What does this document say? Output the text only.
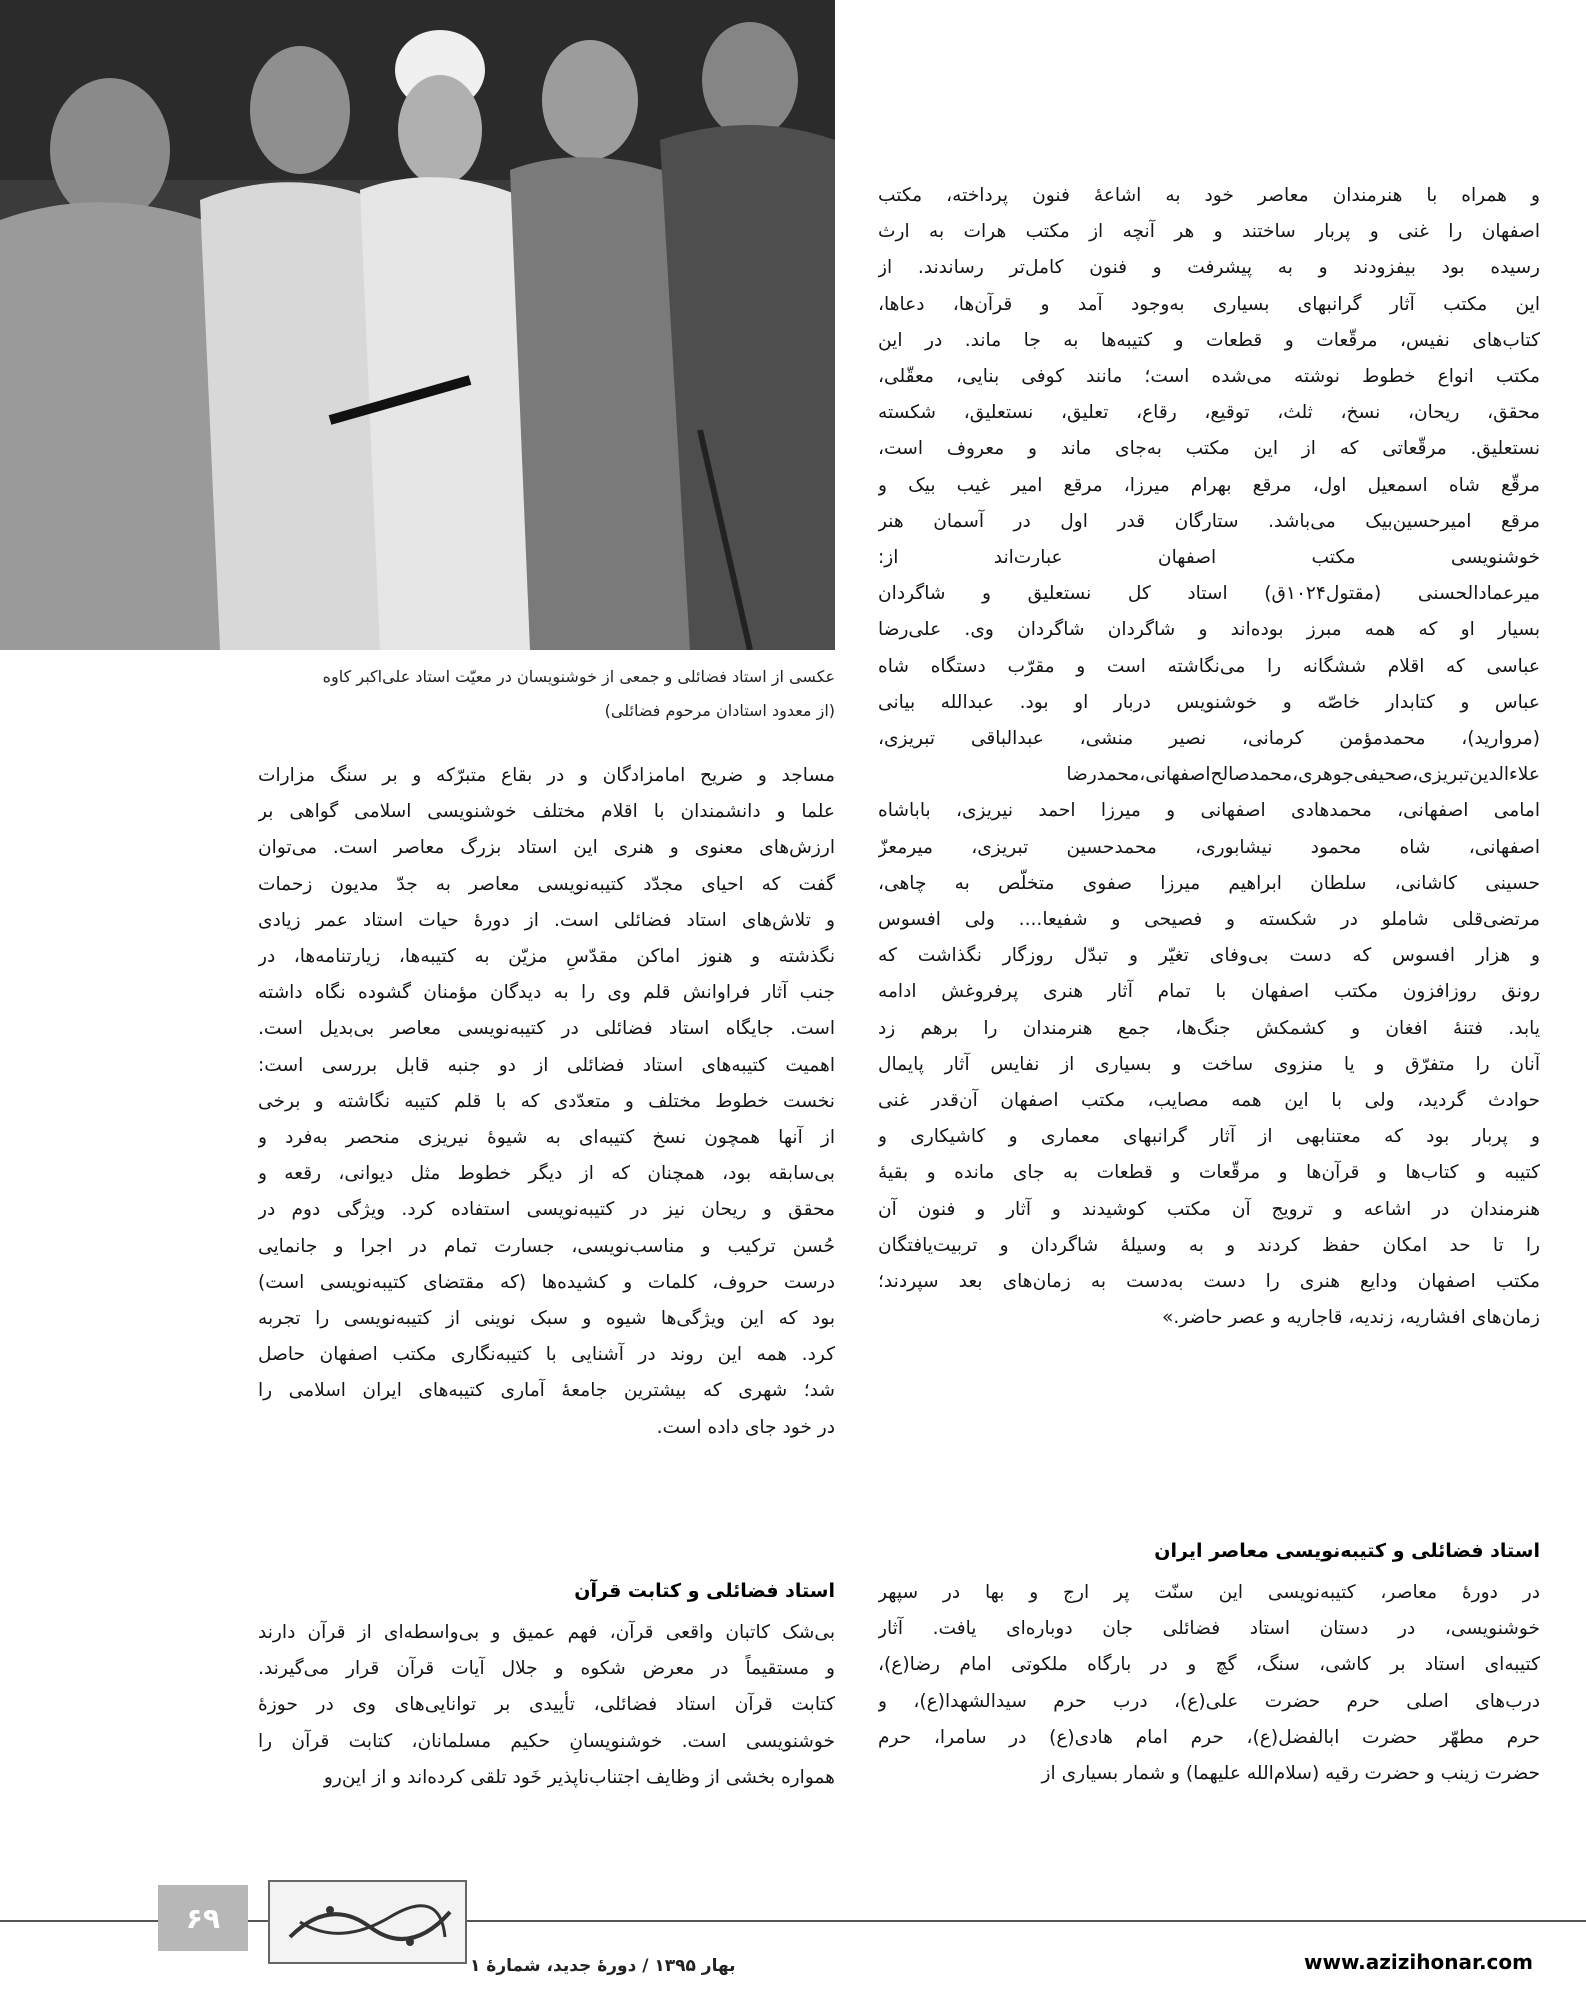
عکسی از استاد فضائلی و جمعی از خوشنویسان در معیّت استاد علی‌اکبر کاوه
(از معدود استادان مرحوم فضائلی)
و همراه با هنرمندان معاصر خود به اشاعهٔ فنون پرداخته، مکتب
اصفهان را غنی و پربار ساختند و هر آنچه از مکتب هرات به ارث
رسیده بود بیفزودند و به پیشرفت و فنون کامل‌تر رساندند. از
این مکتب آثار گرانبهای بسیاری به‌وجود آمد و قرآن‌ها، دعاها،
کتاب‌های نفیس، مرقّعات و قطعات و کتیبه‌ها به جا ماند. در این
مکتب انواع خطوط نوشته می‌شده است؛ مانند کوفی بنایی، معقّلی،
محقق، ریحان، نسخ، ثلث، توقیع، رقاع، تعلیق، نستعلیق، شکسته
نستعلیق. مرقّعاتی که از این مکتب به‌جای ماند و معروف است،
مرقّع شاه اسمعیل اول، مرقع بهرام میرزا، مرقع امیر غیب بیک و
مرقع امیرحسین‌بیک می‌باشد. ستارگان قدر اول در آسمان هنر
خوشنویسی مکتب اصفهان عبارت‌اند از:
میرعمادالحسنی (مقتول۱۰۲۴ق) استاد کل نستعلیق و شاگردان
بسیار او که همه مبرز بوده‌اند و شاگردان شاگردان وی. علی‌رضا
عباسی که اقلام ششگانه را می‌نگاشته است و مقرّب دستگاه شاه
عباس و کتابدار خاصّه و خوشنویس دربار او بود. عبدالله بیانی
(مروارید)، محمدمؤمن کرمانی، نصیر منشی، عبدالباقی تبریزی،
علاءالدین‌تبریزی،صحیفی‌جوهری،محمدصالح‌اصفهانی،محمدرضا
امامی اصفهانی، محمدهادی اصفهانی و میرزا احمد نیریزی، باباشاه
اصفهانی، شاه محمود نیشابوری، محمدحسین تبریزی، میرمعزّ
حسینی کاشانی، سلطان ابراهیم میرزا صفوی متخلّص به چاهی،
مرتضی‌قلی شاملو در شکسته و فصیحی و شفیعا.... ولی افسوس
و هزار افسوس که دست بی‌وفای تغیّر و تبدّل روزگار نگذاشت که
رونق روزافزون مکتب اصفهان با تمام آثار هنری پرفروغش ادامه
یابد. فتنهٔ افغان و کشمکش جنگ‌ها، جمع هنرمندان را برهم زد
آنان را متفرّق و یا منزوی ساخت و بسیاری از نفایس آثار پایمال
حوادث گردید، ولی با این همه مصایب، مکتب اصفهان آن‌قدر غنی
و پربار بود که معتنابهی از آثار گرانبهای معماری و کاشیکاری و
کتیبه و کتاب‌ها و قرآن‌ها و مرقّعات و قطعات به جای مانده و بقیهٔ
هنرمندان در اشاعه و ترویج آن مکتب کوشیدند و آثار و فنون آن
را تا حد امکان حفظ کردند و به وسیلهٔ شاگردان و تربیت‌یافتگان
مکتب اصفهان ودایع هنری را دست به‌دست به زمان‌های بعد سپردند؛
زمان‌های افشاریه، زندیه، قاجاریه و عصر حاضر.»
استاد فضائلی و کتیبه‌نویسی معاصر ایران
در دورهٔ معاصر، کتیبه‌نویسی این سنّت پر ارج و بها در سپهر
خوشنویسی، در دستان استاد فضائلی جان دوباره‌ای یافت. آثار
کتیبه‌ای استاد بر کاشی، سنگ، گچ و در بارگاه ملکوتی امام رضا(ع)،
درب‌های اصلی حرم حضرت علی(ع)، درب حرم سیدالشهدا(ع)، و
حرم مطهّر حضرت ابالفضل(ع)، حرم امام هادی(ع) در سامرا، حرم
حضرت زینب و حضرت رقیه (سلام‌الله علیهما) و شمار بسیاری از
مساجد و ضریح امامزادگان و در بقاع متبرّکه و بر سنگ مزارات
علما و دانشمندان با اقلام مختلف خوشنویسی اسلامی گواهی بر
ارزش‌های معنوی و هنری این استاد بزرگ معاصر است. می‌توان
گفت که احیای مجدّد کتیبه‌نویسی معاصر به جدّ مدیون زحمات
و تلاش‌های استاد فضائلی است. از دورهٔ حیات استاد عمر زیادی
نگذشته و هنوز اماکن مقدّسِ مزیّن به کتیبه‌ها، زیارتنامه‌ها، در
جنب آثار فراوانش قلم وی را به دیدگان مؤمنان گشوده نگاه داشته
است. جایگاه استاد فضائلی در کتیبه‌نویسی معاصر بی‌بدیل است.
اهمیت کتیبه‌های استاد فضائلی از دو جنبه قابل بررسی است:
نخست خطوط مختلف و متعدّدی که با قلم کتیبه نگاشته و برخی
از آنها همچون نسخ کتیبه‌ای به شیوهٔ نیریزی منحصر به‌فرد و
بی‌سابقه بود، همچنان که از دیگر خطوط مثل دیوانی، رقعه و
محقق و ریحان نیز در کتیبه‌نویسی استفاده کرد. ویژگی دوم در
حُسن ترکیب و مناسب‌نویسی، جسارت تمام در اجرا و جانمایی
درست حروف، کلمات و کشیده‌ها (که مقتضای کتیبه‌نویسی است)
بود که این ویژگی‌ها شیوه و سبک نوینی از کتیبه‌نویسی را تجربه
کرد. همه این روند در آشنایی با کتیبه‌نگاری مکتب اصفهان حاصل
شد؛ شهری که بیشترین جامعهٔ آماری کتیبه‌های ایران اسلامی را
در خود جای داده است.
استاد فضائلی و کتابت قرآن
بی‌شک کاتبان واقعی قرآن، فهم عمیق و بی‌واسطه‌ای از قرآن دارند
و مستقیماً در معرض شکوه و جلال آیات قرآن قرار می‌گیرند.
کتابت قرآن استاد فضائلی، تأییدی بر توانایی‌های وی در حوزهٔ
خوشنویسی است. خوشنویسانِ حکیم مسلمانان، کتابت قرآن را
همواره بخشی از وظایف اجتناب‌ناپذیر خَود تلقی کرده‌اند و از این‌رو
۶۹
بهار ۱۳۹۵ / دورهٔ جدید، شمارهٔ ۱	www.azizihonar.com
